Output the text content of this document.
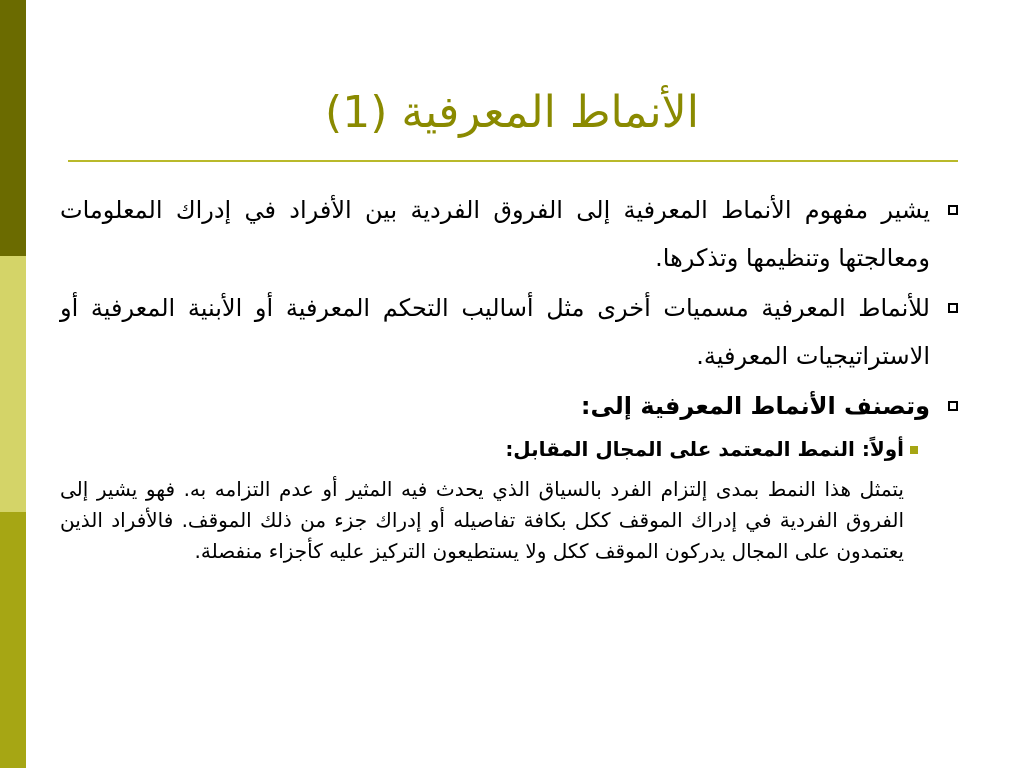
الأنماط المعرفية (1)
يشير مفهوم الأنماط المعرفية إلى الفروق الفردية بين الأفراد في إدراك المعلومات ومعالجتها وتنظيمها وتذكرها.
للأنماط المعرفية مسميات أخرى مثل أساليب التحكم المعرفية أو الأبنية المعرفية أو الاستراتيجيات المعرفية.
وتصنف الأنماط المعرفية إلى:
أولاً: النمط المعتمد على المجال المقابل:
يتمثل هذا النمط بمدى إلتزام الفرد بالسياق الذي يحدث فيه المثير أو عدم التزامه به. فهو يشير إلى الفروق الفردية في إدراك الموقف ككل بكافة تفاصيله أو إدراك جزء من ذلك الموقف. فالأفراد الذين يعتمدون على المجال يدركون الموقف ككل ولا يستطيعون التركيز عليه كأجزاء منفصلة.
